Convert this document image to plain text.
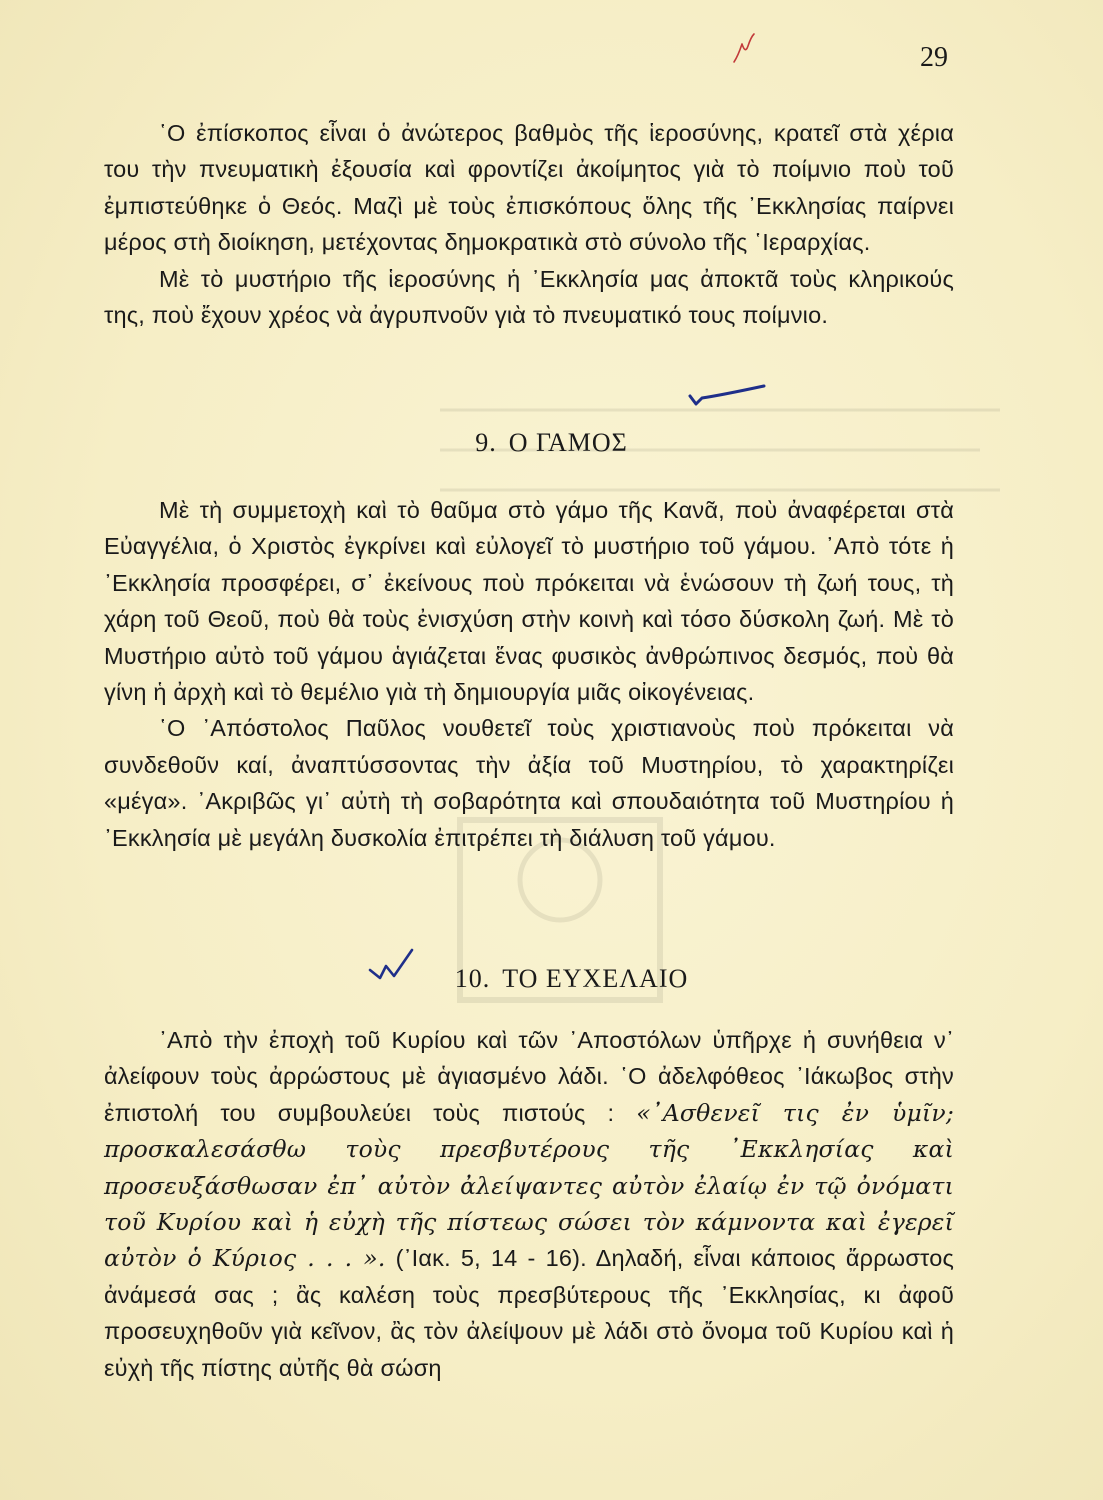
29

῾Ο ἐπίσκοπος εἶναι ὁ ἀνώτερος βαθμὸς τῆς ἱεροσύνης, κρατεῖ στὰ χέρια του τὴν πνευματικὴ ἐξουσία καὶ φροντίζει ἀκοίμητος γιὰ τὸ ποίμνιο ποὺ τοῦ ἐμπιστεύθηκε ὁ Θεός. Μαζὶ μὲ τοὺς ἐπισκόπους ὅλης τῆς ᾿Εκκλησίας παίρνει μέρος στὴ διοίκηση, μετέχοντας δημοκρατικὰ στὸ σύνολο τῆς ῾Ιεραρχίας.

Μὲ τὸ μυστήριο τῆς ἱεροσύνης ἡ ᾿Εκκλησία μας ἀποκτᾶ τοὺς κληρικούς της, ποὺ ἔχουν χρέος νὰ ἀγρυπνοῦν γιὰ τὸ πνευματικό τους ποίμνιο.

9. Ο ΓΑΜΟΣ

Μὲ τὴ συμμετοχὴ καὶ τὸ θαῦμα στὸ γάμο τῆς Κανᾶ, ποὺ ἀναφέρεται στὰ Εὐαγγέλια, ὁ Χριστὸς ἐγκρίνει καὶ εὐλογεῖ τὸ μυστήριο τοῦ γάμου. ᾿Απὸ τότε ἡ ᾿Εκκλησία προσφέρει, σ᾿ ἐκείνους ποὺ πρόκειται νὰ ἑνώσουν τὴ ζωή τους, τὴ χάρη τοῦ Θεοῦ, ποὺ θὰ τοὺς ἐνισχύση στὴν κοινὴ καὶ τόσο δύσκολη ζωή. Μὲ τὸ Μυστήριο αὐτὸ τοῦ γάμου ἁγιάζεται ἕνας φυσικὸς ἀνθρώπινος δεσμός, ποὺ θὰ γίνη ἡ ἀρχὴ καὶ τὸ θεμέλιο γιὰ τὴ δημιουργία μιᾶς οἰκογένειας.

῾Ο ᾿Απόστολος Παῦλος νουθετεῖ τοὺς χριστιανοὺς ποὺ πρόκειται νὰ συνδεθοῦν καί, ἀναπτύσσοντας τὴν ἀξία τοῦ Μυστηρίου, τὸ χαρακτηρίζει «μέγα». ᾿Ακριβῶς γι᾿ αὐτὴ τὴ σοβαρότητα καὶ σπουδαιότητα τοῦ Μυστηρίου ἡ ᾿Εκκλησία μὲ μεγάλη δυσκολία ἐπιτρέπει τὴ διάλυση τοῦ γάμου.

10. ΤΟ ΕΥΧΕΛΑΙΟ

᾿Απὸ τὴν ἐποχὴ τοῦ Κυρίου καὶ τῶν ᾿Αποστόλων ὑπῆρχε ἡ συνήθεια ν᾿ ἀλείφουν τοὺς ἀρρώστους μὲ ἁγιασμένο λάδι. ῾Ο ἀδελφόθεος ᾿Ιάκωβος στὴν ἐπιστολή του συμβουλεύει τοὺς πιστούς : «᾿Ασθενεῖ τις ἐν ὑμῖν; προσκαλεσάσθω τοὺς πρεσβυτέρους τῆς ᾿Εκκλησίας καὶ προσευξάσθωσαν ἐπ᾿ αὐτὸν ἀλείψαντες αὐτὸν ἐλαίῳ ἐν τῷ ὀνόματι τοῦ Κυρίου καὶ ἡ εὐχὴ τῆς πίστεως σώσει τὸν κάμνοντα καὶ ἐγερεῖ αὐτὸν ὁ Κύριος . . . ». (᾿Ιακ. 5, 14 - 16). Δηλαδή, εἶναι κάποιος ἄρρωστος ἀνάμεσά σας ; ἂς καλέση τοὺς πρεσβύτερους τῆς ᾿Εκκλησίας, κι ἀφοῦ προσευχηθοῦν γιὰ κεῖνον, ἂς τὸν ἀλείψουν μὲ λάδι στὸ ὄνομα τοῦ Κυρίου καὶ ἡ εὐχὴ τῆς πίστης αὐτῆς θὰ σώση
